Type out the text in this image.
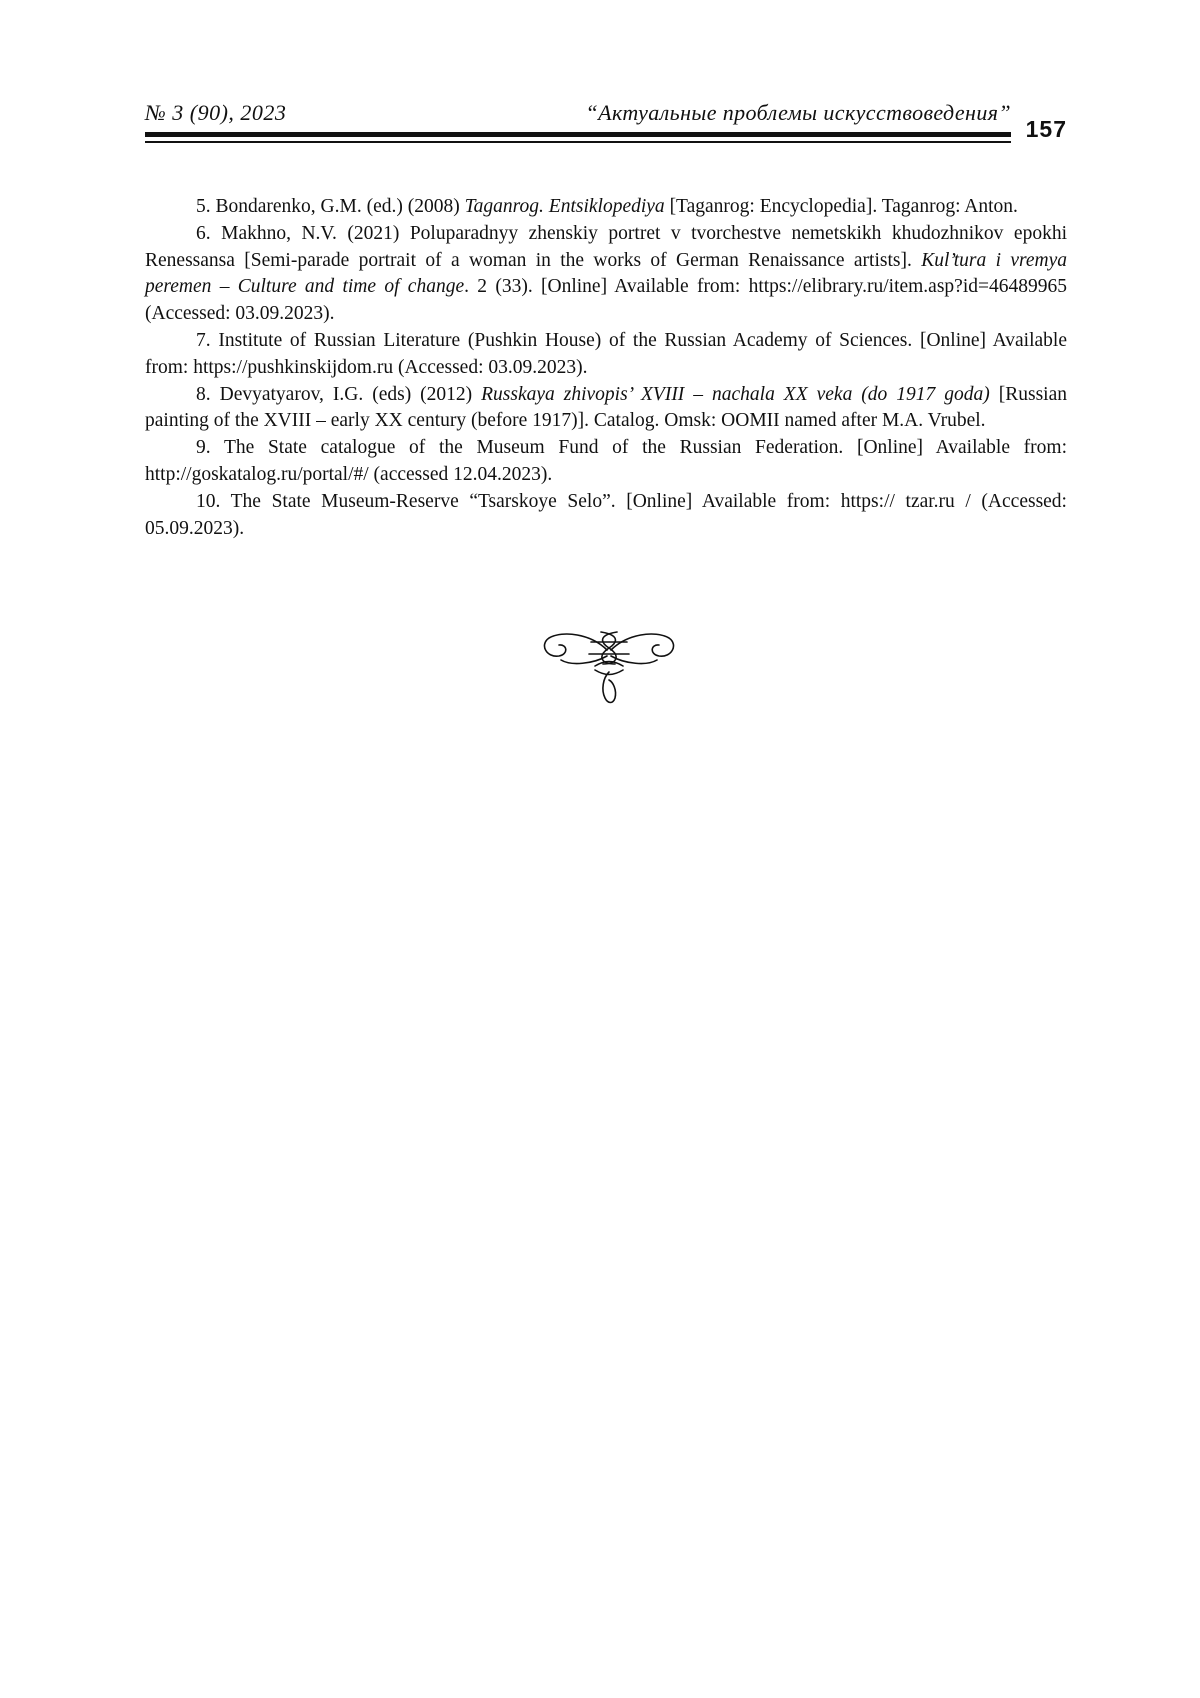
№ 3 (90), 2023	“Актуальные проблемы искусствоведения”
157

5. Bondarenko, G.M. (ed.) (2008) Taganrog. Entsiklopediya [Taganrog: Encyclopedia]. Taganrog: Anton.

6. Makhno, N.V. (2021) Poluparadnyy zhenskiy portret v tvorchestve nemetskikh khudozhnikov epokhi Renessansa [Semi-parade portrait of a woman in the works of German Renaissance artists]. Kul’tura i vremya peremen – Culture and time of change. 2 (33). [Online] Available from: https://elibrary.ru/item.asp?id=46489965 (Accessed: 03.09.2023).

7. Institute of Russian Literature (Pushkin House) of the Russian Academy of Sciences. [Online] Available from: https://pushkinskijdom.ru (Accessed: 03.09.2023).

8. Devyatyarov, I.G. (eds) (2012) Russkaya zhivopis’ XVIII – nachala XX veka (do 1917 goda) [Russian painting of the XVIII – early XX century (before 1917)]. Catalog. Omsk: OOMII named after M.A. Vrubel.

9. The State catalogue of the Museum Fund of the Russian Federation. [Online] Available from: http://goskatalog.ru/portal/#/ (accessed 12.04.2023).

10. The State Museum-Reserve “Tsarskoye Selo”. [Online] Available from: https:// tzar.ru / (Accessed: 05.09.2023).
